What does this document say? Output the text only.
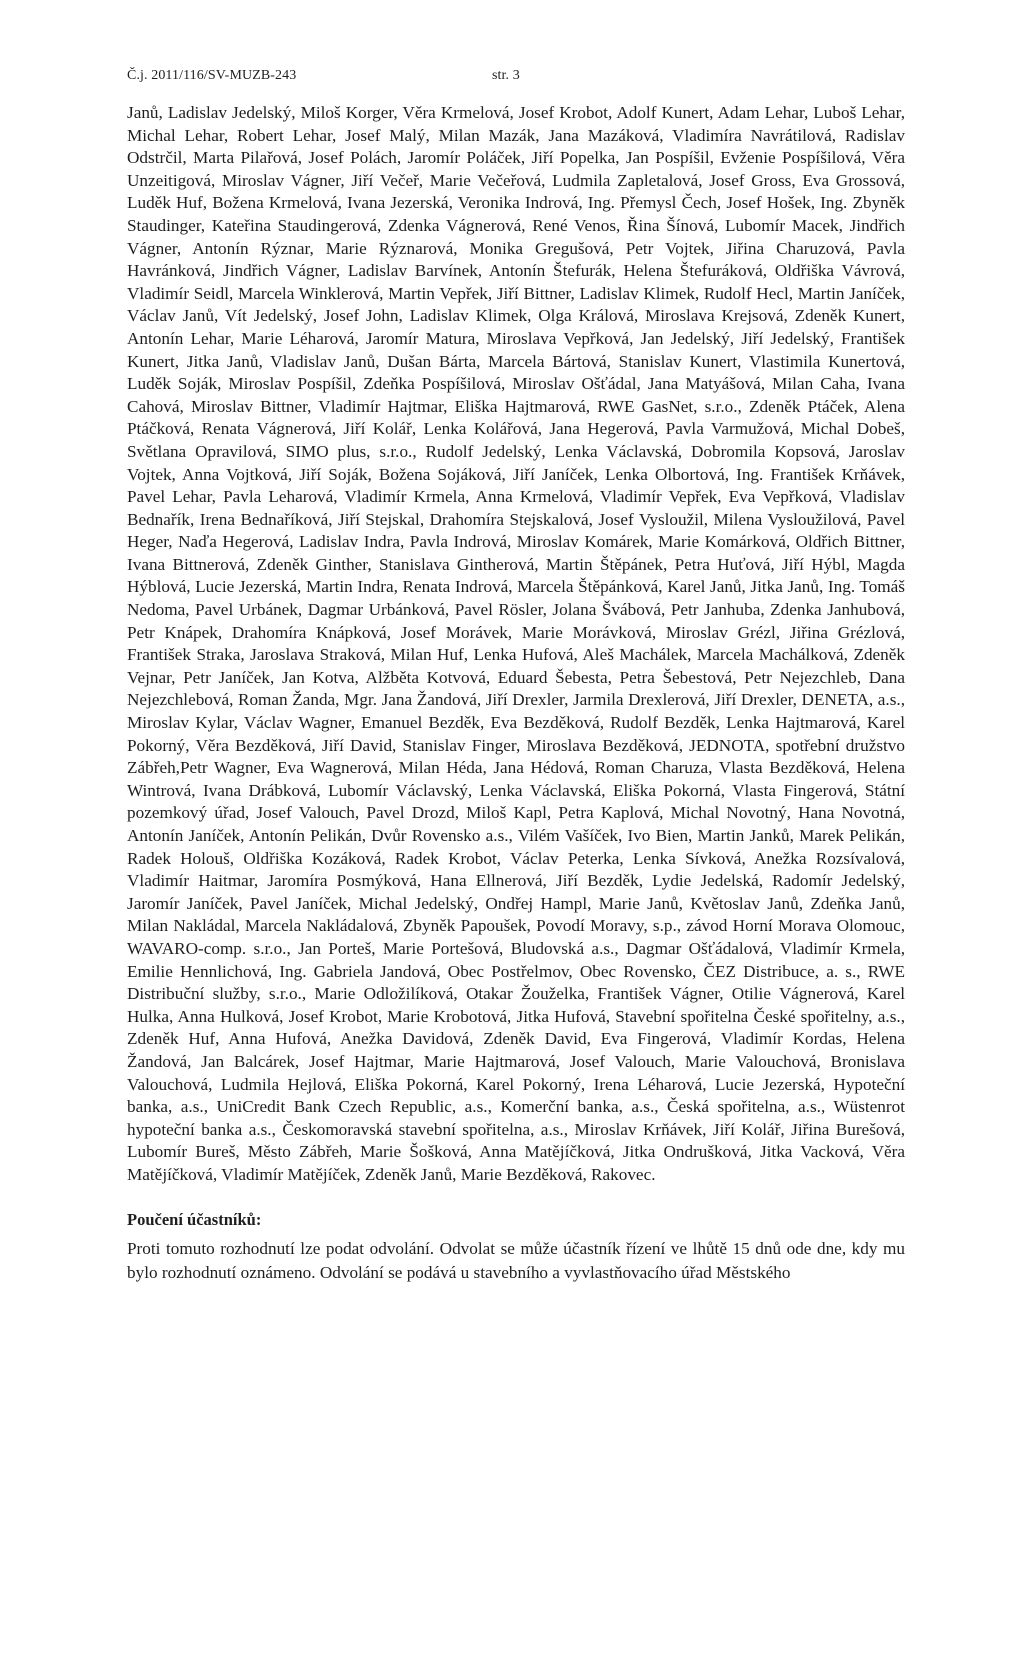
Č.j. 2011/116/SV-MUZB-243	str. 3
Janů, Ladislav Jedelský, Miloš Korger, Věra Krmelová, Josef Krobot, Adolf Kunert, Adam Lehar, Luboš Lehar, Michal Lehar, Robert Lehar, Josef Malý, Milan Mazák, Jana Mazáková, Vladimíra Navrátilová, Radislav Odstrčil, Marta Pilařová, Josef Polách, Jaromír Poláček, Jiří Popelka, Jan Pospíšil, Evženie Pospíšilová, Věra Unzeitigová, Miroslav Vágner, Jiří Večeř, Marie Večeřová, Ludmila Zapletalová, Josef Gross, Eva Grossová, Luděk Huf, Božena Krmelová, Ivana Jezerská, Veronika Indrová, Ing. Přemysl Čech, Josef Hošek, Ing. Zbyněk Staudinger, Kateřina Staudingerová, Zdenka Vágnerová, René Venos, Řina Šínová, Lubomír Macek, Jindřich Vágner, Antonín Rýznar, Marie Rýznarová, Monika Gregušová, Petr Vojtek, Jiřina Charuzová, Pavla Havránková, Jindřich Vágner, Ladislav Barvínek, Antonín Štefurák, Helena Štefuráková, Oldřiška Vávrová, Vladimír Seidl, Marcela Winklerová, Martin Vepřek, Jiří Bittner, Ladislav Klimek, Rudolf Hecl, Martin Janíček, Václav Janů, Vít Jedelský, Josef John, Ladislav Klimek, Olga Králová, Miroslava Krejsová, Zdeněk Kunert, Antonín Lehar, Marie Léharová, Jaromír Matura, Miroslava Vepřková, Jan Jedelský, Jiří Jedelský, František Kunert, Jitka Janů, Vladislav Janů, Dušan Bárta, Marcela Bártová, Stanislav Kunert, Vlastimila Kunertová, Luděk Soják, Miroslav Pospíšil, Zdeňka Pospíšilová, Miroslav Ošťádal, Jana Matyášová, Milan Caha, Ivana Cahová, Miroslav Bittner, Vladimír Hajtmar, Eliška Hajtmarová, RWE GasNet, s.r.o., Zdeněk Ptáček, Alena Ptáčková, Renata Vágnerová, Jiří Kolář, Lenka Kolářová, Jana Hegerová, Pavla Varmužová, Michal Dobeš, Světlana Opravilová, SIMO plus, s.r.o., Rudolf Jedelský, Lenka Václavská, Dobromila Kopsová, Jaroslav Vojtek, Anna Vojtková, Jiří Soják, Božena Sojáková, Jiří Janíček, Lenka Olbortová, Ing. František Krňávek, Pavel Lehar, Pavla Leharová, Vladimír Krmela, Anna Krmelová, Vladimír Vepřek, Eva Vepřková, Vladislav Bednařík, Irena Bednaříková, Jiří Stejskal, Drahomíra Stejskalová, Josef Vysloužil, Milena Vysloužilová, Pavel Heger, Naďa Hegerová, Ladislav Indra, Pavla Indrová, Miroslav Komárek, Marie Komárková, Oldřich Bittner, Ivana Bittnerová, Zdeněk Ginther, Stanislava Gintherová, Martin Štěpánek, Petra Huťová, Jiří Hýbl, Magda Hýblová, Lucie Jezerská, Martin Indra, Renata Indrová, Marcela Štěpánková, Karel Janů, Jitka Janů, Ing. Tomáš Nedoma, Pavel Urbánek, Dagmar Urbánková, Pavel Rösler, Jolana Švábová, Petr Janhuba, Zdenka Janhubová, Petr Knápek, Drahomíra Knápková, Josef Morávek, Marie Morávková, Miroslav Grézl, Jiřina Grézlová, František Straka, Jaroslava Straková, Milan Huf, Lenka Hufová, Aleš Machálek, Marcela Machálková, Zdeněk Vejnar, Petr Janíček, Jan Kotva, Alžběta Kotvová, Eduard Šebesta, Petra Šebestová, Petr Nejezchleb, Dana Nejezchlebová, Roman Žanda, Mgr. Jana Žandová, Jiří Drexler, Jarmila Drexlerová, Jiří Drexler, DENETA, a.s., Miroslav Kylar, Václav Wagner, Emanuel Bezděk, Eva Bezděková, Rudolf Bezděk, Lenka Hajtmarová, Karel Pokorný, Věra Bezděková, Jiří David, Stanislav Finger, Miroslava Bezděková, JEDNOTA, spotřební družstvo Zábřeh,Petr Wagner, Eva Wagnerová, Milan Héda, Jana Hédová, Roman Charuza, Vlasta Bezděková, Helena Wintrová, Ivana Drábková, Lubomír Václavský, Lenka Václavská, Eliška Pokorná, Vlasta Fingerová, Státní pozemkový úřad, Josef Valouch, Pavel Drozd, Miloš Kapl, Petra Kaplová, Michal Novotný, Hana Novotná, Antonín Janíček, Antonín Pelikán, Dvůr Rovensko a.s., Vilém Vašíček, Ivo Bien, Martin Janků, Marek Pelikán, Radek Holouš, Oldřiška Kozáková, Radek Krobot, Václav Peterka, Lenka Sívková, Anežka Rozsívalová, Vladimír Haitmar, Jaromíra Posmýková, Hana Ellnerová, Jiří Bezděk, Lydie Jedelská, Radomír Jedelský, Jaromír Janíček, Pavel Janíček, Michal Jedelský, Ondřej Hampl, Marie Janů, Květoslav Janů, Zdeňka Janů, Milan Nakládal, Marcela Nakládalová, Zbyněk Papoušek, Povodí Moravy, s.p., závod Horní Morava Olomouc, WAVARO-comp. s.r.o., Jan Porteš, Marie Portešová, Bludovská a.s., Dagmar Ošťádalová, Vladimír Krmela, Emilie Hennlichová, Ing. Gabriela Jandová, Obec Postřelmov, Obec Rovensko, ČEZ Distribuce, a. s., RWE Distribuční služby, s.r.o., Marie Odložilíková, Otakar Žouželka, František Vágner, Otilie Vágnerová, Karel Hulka, Anna Hulková, Josef Krobot, Marie Krobotová, Jitka Hufová, Stavební spořitelna České spořitelny, a.s., Zdeněk Huf, Anna Hufová, Anežka Davidová, Zdeněk David, Eva Fingerová, Vladimír Kordas, Helena Žandová, Jan Balcárek, Josef Hajtmar, Marie Hajtmarová, Josef Valouch, Marie Valouchová, Bronislava Valouchová, Ludmila Hejlová, Eliška Pokorná, Karel Pokorný, Irena Léharová, Lucie Jezerská, Hypoteční banka, a.s., UniCredit Bank Czech Republic, a.s., Komerční banka, a.s., Česká spořitelna, a.s., Wüstenrot hypoteční banka a.s., Českomoravská stavební spořitelna, a.s., Miroslav Krňávek, Jiří Kolář, Jiřina Burešová, Lubomír Bureš, Město Zábřeh, Marie Šošková, Anna Matějíčková, Jitka Ondrušková, Jitka Vacková, Věra Matějíčková, Vladimír Matějíček, Zdeněk Janů, Marie Bezděková, Rakovec.
Poučení účastníků:
Proti tomuto rozhodnutí lze podat odvolání. Odvolat se může účastník řízení ve lhůtě 15 dnů ode dne, kdy mu bylo rozhodnutí oznámeno. Odvolání se podává u stavebního a vyvlastňovacího úřad Městského
